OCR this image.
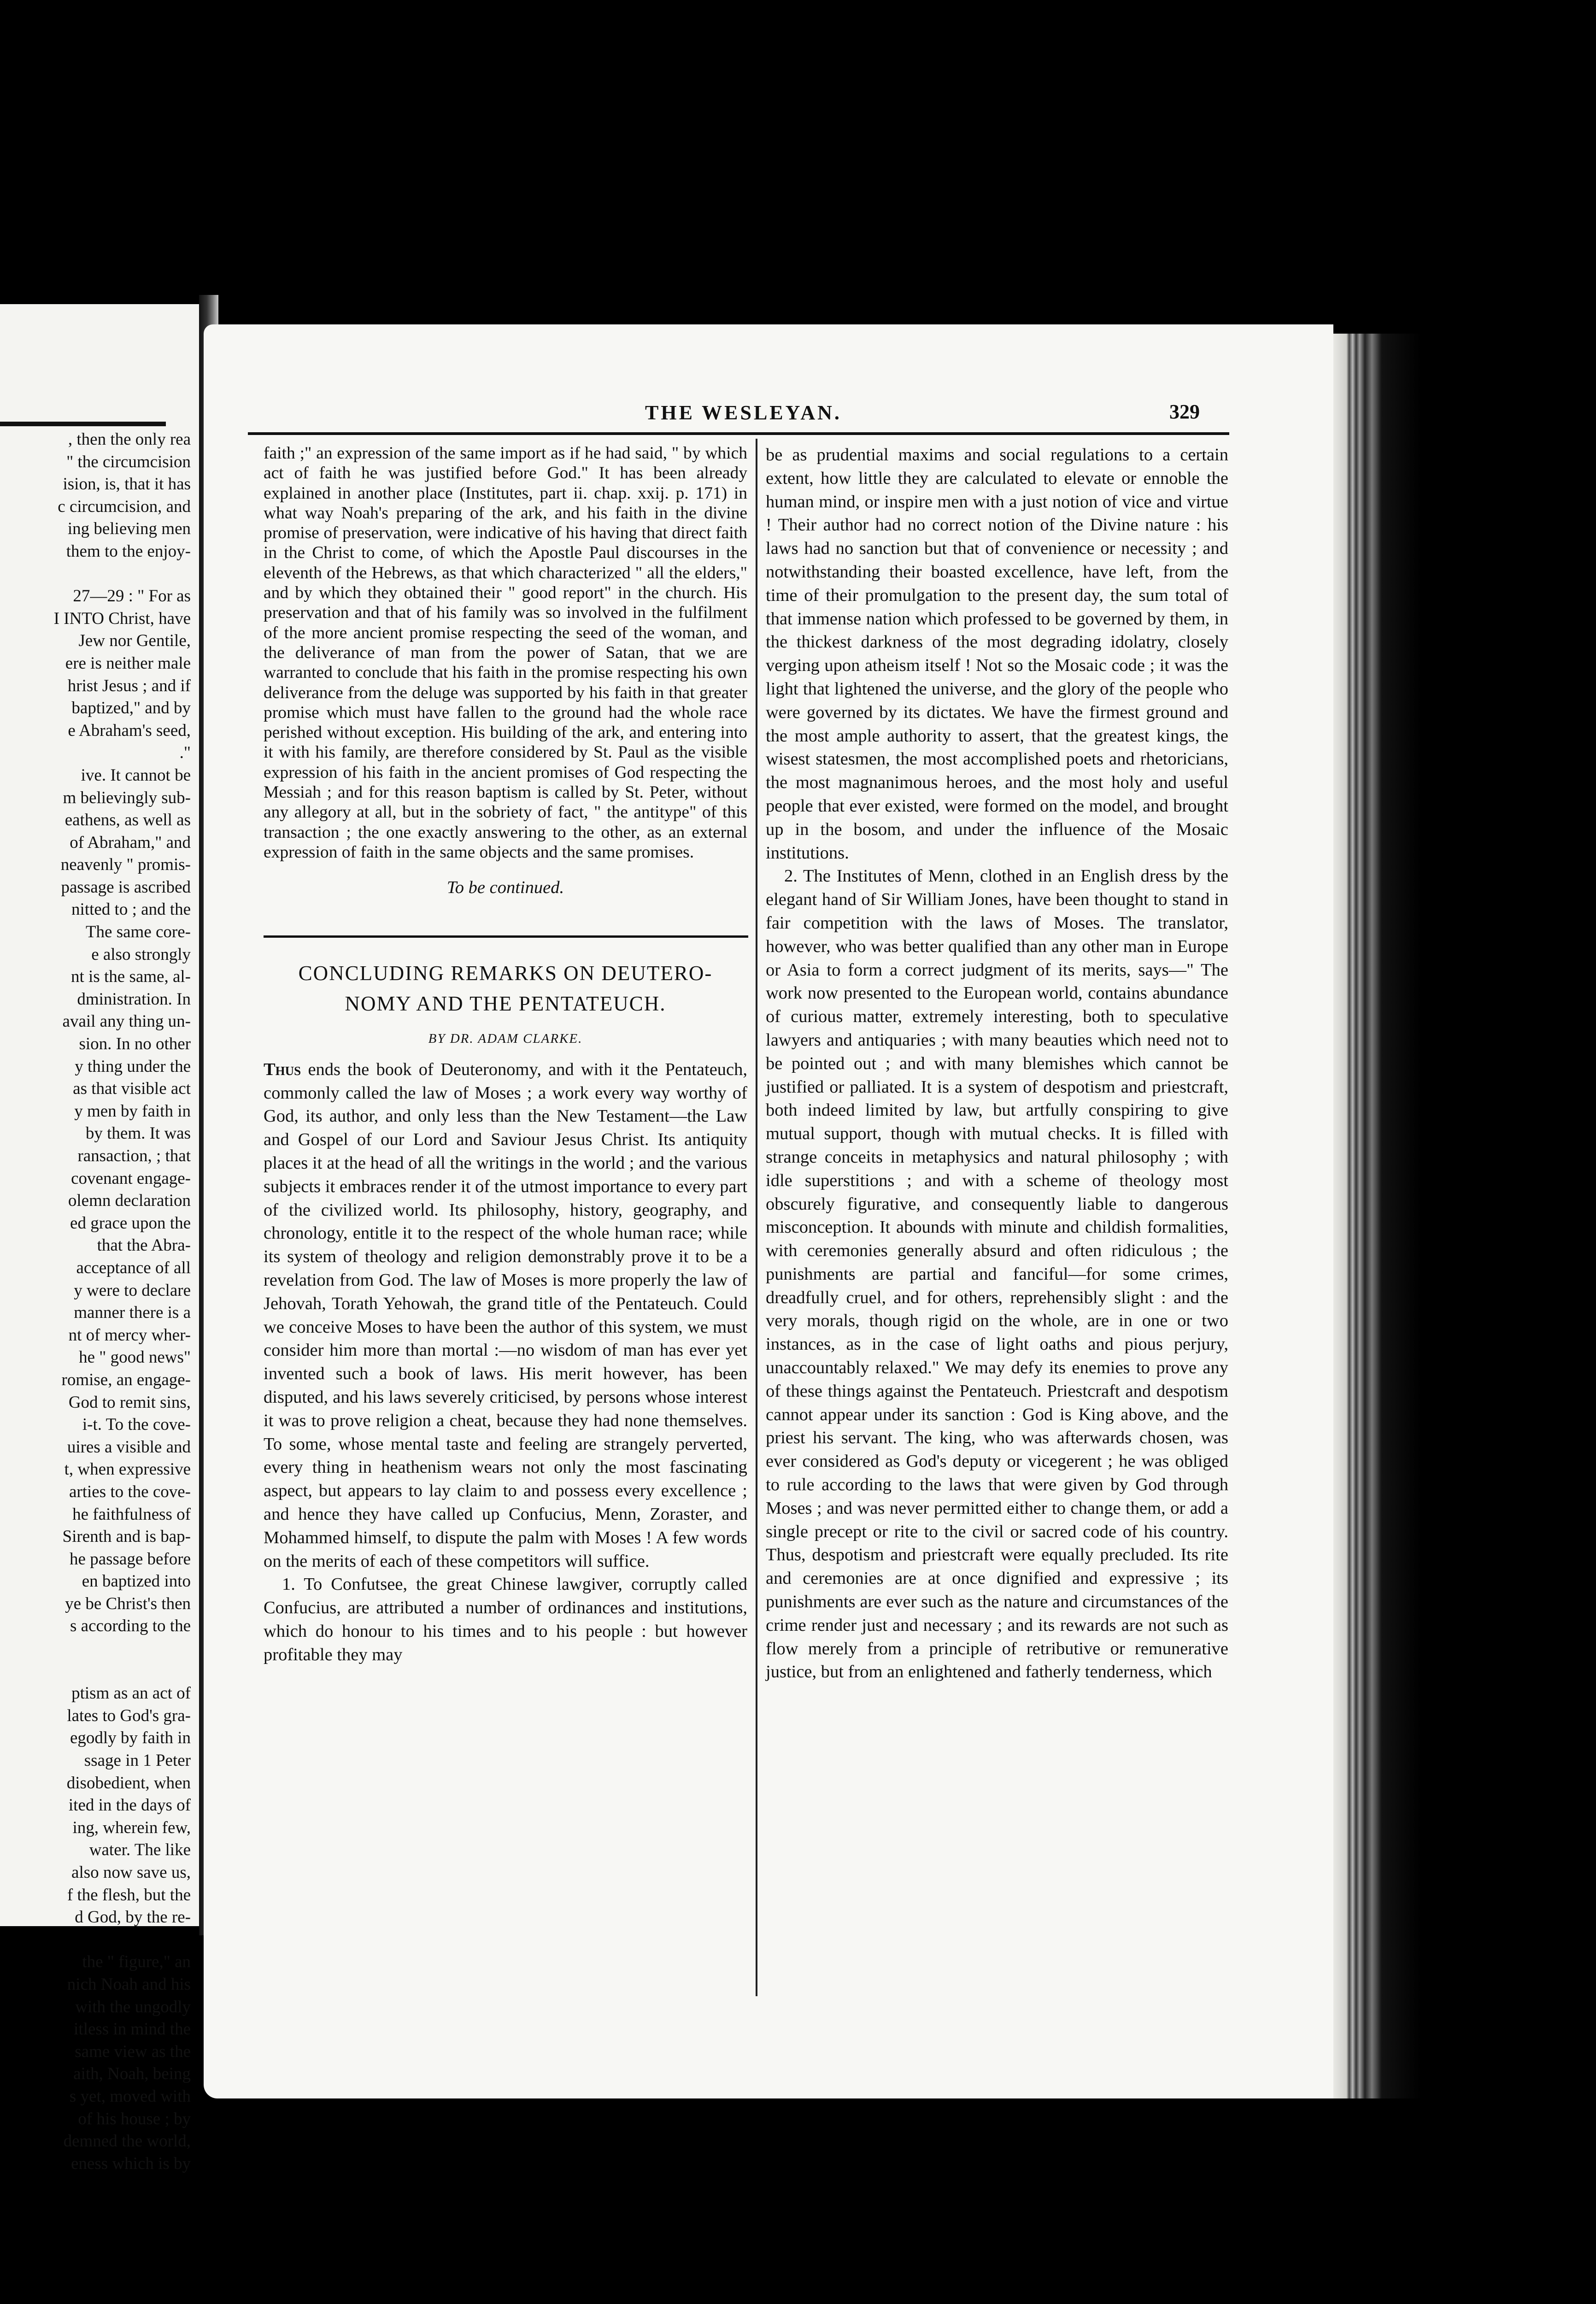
, then the only rea
" the circumcision
ision, is, that it has
c circumcision, and
ing believing men
them to the enjoy-

27—29 : " For as
I INTO Christ, have
Jew nor Gentile,
ere is neither male
hrist Jesus ; and if
baptized," and by
e Abraham's seed,
."
ive. It cannot be
m believingly sub-
eathens, as well as
of Abraham," and
neavenly " promis-
passage is ascribed
nitted to ; and the
The same core-
e also strongly
nt is the same, al-
dministration. In
avail any thing un-
sion. In no other
y thing under the
as that visible act
y men by faith in
by them. It was
ransaction, ; that
covenant engage-
olemn declaration
ed grace upon the
that the Abra-
acceptance of all
y were to declare
manner there is a
nt of mercy wher-
he " good news"
romise, an engage-
God to remit sins,
i-t. To the cove-
uires a visible and
t, when expressive
arties to the cove-
he faithfulness of
Sirenth and is bap-
he passage before
en baptized into
ye be Christ's then
s according to the

ptism as an act of
lates to God's gra-
egodly by faith in
ssage in 1 Peter
disobedient, when
ited in the days of
ing, wherein few,
water. The like
also now save us,
f the flesh, but the
d God, by the re-

the " figure," an
nich Noah and his
with the ungodly
itless in mind the
same view as the
aith, Noah, being
s yet, moved with
of his house ; by
demned the world,
eness which is by
THE WESLEYAN.	329

faith ;" an expression of the same import as if he had said, " by which act of faith he was justified before God." It has been already explained in another place (Institutes, part ii. chap. xxij. p. 171) in what way Noah's preparing of the ark, and his faith in the divine promise of preservation, were indicative of his having that direct faith in the Christ to come, of which the Apostle Paul discourses in the eleventh of the Hebrews, as that which characterized " all the elders," and by which they obtained their " good report" in the church. His preservation and that of his family was so involved in the fulfilment of the more ancient promise respecting the seed of the woman, and the deliverance of man from the power of Satan, that we are warranted to conclude that his faith in the promise respecting his own deliverance from the deluge was supported by his faith in that greater promise which must have fallen to the ground had the whole race perished without exception. His building of the ark, and entering into it with his family, are therefore considered by St. Paul as the visible expression of his faith in the ancient promises of God respecting the Messiah ; and for this reason baptism is called by St. Peter, without any allegory at all, but in the sobriety of fact, " the antitype" of this transaction ; the one exactly answering to the other, as an external expression of faith in the same objects and the same promises.

To be continued.

CONCLUDING REMARKS ON DEUTERO-
NOMY AND THE PENTATEUCH.

BY DR. ADAM CLARKE.

Thus ends the book of Deuteronomy, and with it the Pentateuch, commonly called the law of Moses ; a work every way worthy of God, its author, and only less than the New Testament—the Law and Gospel of our Lord and Saviour Jesus Christ. Its antiquity places it at the head of all the writings in the world ; and the various subjects it embraces render it of the utmost importance to every part of the civilized world. Its philosophy, history, geography, and chronology, entitle it to the respect of the whole human race; while its system of theology and religion demonstrably prove it to be a revelation from God. The law of Moses is more properly the law of Jehovah, Torath Yehowah, the grand title of the Pentateuch. Could we conceive Moses to have been the author of this system, we must consider him more than mortal :—no wisdom of man has ever yet invented such a book of laws. His merit however, has been disputed, and his laws severely criticised, by persons whose interest it was to prove religion a cheat, because they had none themselves. To some, whose mental taste and feeling are strangely perverted, every thing in heathenism wears not only the most fascinating aspect, but appears to lay claim to and possess every excellence ; and hence they have called up Confucius, Menn, Zoraster, and Mohammed himself, to dispute the palm with Moses ! A few words on the merits of each of these competitors will suffice.

1. To Confutsee, the great Chinese lawgiver, corruptly called Confucius, are attributed a number of ordinances and institutions, which do honour to his times and to his people : but however profitable they may

be as prudential maxims and social regulations to a certain extent, how little they are calculated to elevate or ennoble the human mind, or inspire men with a just notion of vice and virtue ! Their author had no correct notion of the Divine nature : his laws had no sanction but that of convenience or necessity ; and notwithstanding their boasted excellence, have left, from the time of their promulgation to the present day, the sum total of that immense nation which professed to be governed by them, in the thickest darkness of the most degrading idolatry, closely verging upon atheism itself ! Not so the Mosaic code ; it was the light that lightened the universe, and the glory of the people who were governed by its dictates. We have the firmest ground and the most ample authority to assert, that the greatest kings, the wisest statesmen, the most accomplished poets and rhetoricians, the most magnanimous heroes, and the most holy and useful people that ever existed, were formed on the model, and brought up in the bosom, and under the influence of the Mosaic institutions.

2. The Institutes of Menn, clothed in an English dress by the elegant hand of Sir William Jones, have been thought to stand in fair competition with the laws of Moses. The translator, however, who was better qualified than any other man in Europe or Asia to form a correct judgment of its merits, says—" The work now presented to the European world, contains abundance of curious matter, extremely interesting, both to speculative lawyers and antiquaries ; with many beauties which need not to be pointed out ; and with many blemishes which cannot be justified or palliated. It is a system of despotism and priestcraft, both indeed limited by law, but artfully conspiring to give mutual support, though with mutual checks. It is filled with strange conceits in metaphysics and natural philosophy ; with idle superstitions ; and with a scheme of theology most obscurely figurative, and consequently liable to dangerous misconception. It abounds with minute and childish formalities, with ceremonies generally absurd and often ridiculous ; the punishments are partial and fanciful—for some crimes, dreadfully cruel, and for others, reprehensibly slight : and the very morals, though rigid on the whole, are in one or two instances, as in the case of light oaths and pious perjury, unaccountably relaxed." We may defy its enemies to prove any of these things against the Pentateuch. Priestcraft and despotism cannot appear under its sanction : God is King above, and the priest his servant. The king, who was afterwards chosen, was ever considered as God's deputy or vicegerent ; he was obliged to rule according to the laws that were given by God through Moses ; and was never permitted either to change them, or add a single precept or rite to the civil or sacred code of his country. Thus, despotism and priestcraft were equally precluded. Its rite and ceremonies are at once dignified and expressive ; its punishments are ever such as the nature and circumstances of the crime render just and necessary ; and its rewards are not such as flow merely from a principle of retributive or remunerative justice, but from an enlightened and fatherly tenderness, which
